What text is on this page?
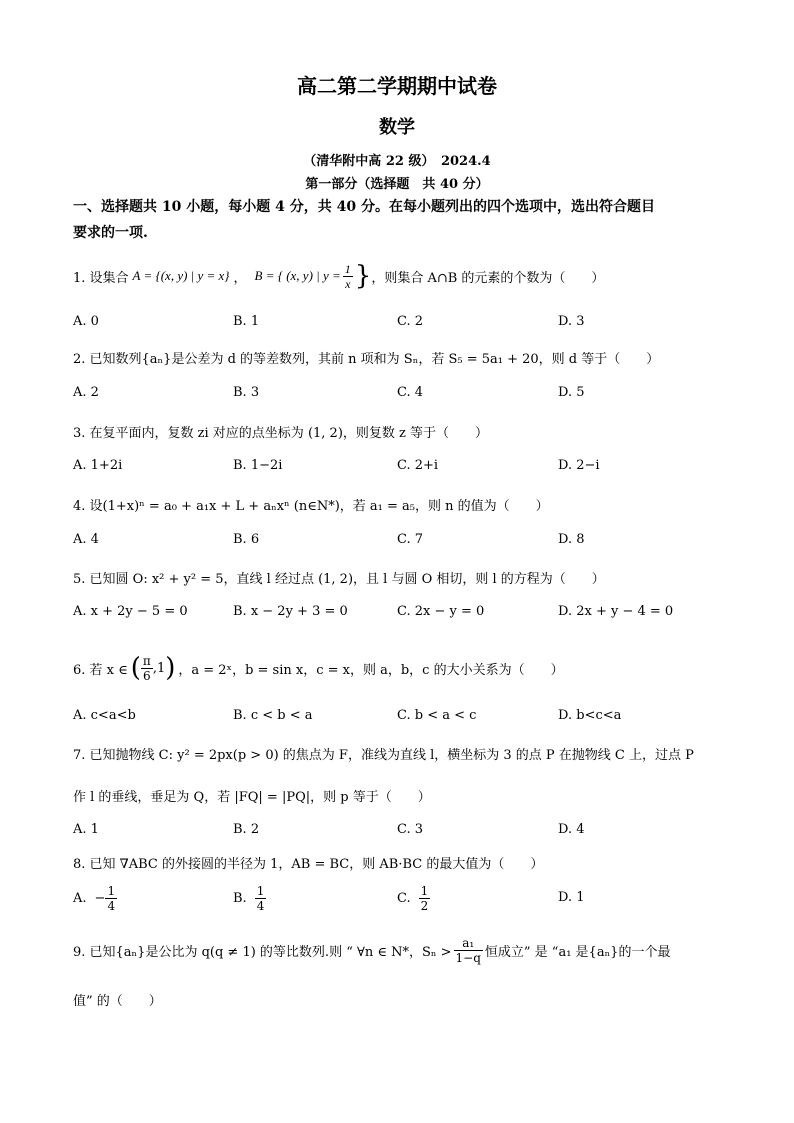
高二第二学期期中试卷
数学
（清华附中高 22 级）　2024.4
第一部分（选择题　共 40 分）
一、选择题共 10 小题，每小题 4 分，共 40 分。在每小题列出的四个选项中，选出符合题目
要求的一项.
1. 设集合 A = {(x, y) | y = x} ， B = { (x, y) | $y = \frac{1}{x}$ } ，则集合 A∩B 的元素的个数为（　　）
A. 0	B. 1	C. 2	D. 3
2. 已知数列{aₙ}是公差为 d 的等差数列，其前 n 项和为 Sₙ，若 S₅ = 5a₁ + 20，则 d 等于（　　）
A. 2	B. 3	C. 4	D. 5
3. 在复平面内，复数 zi 对应的点坐标为 (1, 2)，则复数 z 等于（　　）
A. 1+2i	B. 1−2i	C. 2+i	D. 2−i
4. 设(1+x)ⁿ = a₀ + a₁x + L + aₙxⁿ (n∈N*)，若 a₁ = a₅，则 n 的值为（　　）
A. 4	B. 6	C. 7	D. 8
5. 已知圆 O: x² + y² = 5，直线 l 经过点 (1, 2)，且 l 与圆 O 相切，则 l 的方程为（　　）
A. x + 2y − 5 = 0	B. x − 2y + 3 = 0	C. 2x − y = 0	D. 2x + y − 4 = 0
6. 若 x ∈ ( $\frac{\pi}{6} ,1$ ) ，a = 2ˣ，b = sin x，c = x，则 a，b，c 的大小关系为（　　）
A. c<a<b	B. c < b < a	C. b < a < c	D. b<c<a
7. 已知抛物线 C: y² = 2px(p > 0) 的焦点为 F，准线为直线 l，横坐标为 3 的点 P 在抛物线 C 上，过点 P
作 l 的垂线，垂足为 Q，若 |FQ| = |PQ|，则 p 等于（　　）
A. 1	B. 2	C. 3	D. 4
8. 已知 ∇ABC 的外接圆的半径为 1，AB = BC，则 AB·BC 的最大值为（　　）
A. − $\frac{1}{4}$	B. $\frac{1}{4}$	C. $\frac{1}{2}$	D. 1
9. 已知{aₙ}是公比为 q(q ≠ 1) 的等比数列.则 “ ∀n ∈ N*，$S_n > \frac{\text{a₁}}{1-q}$ 恒成立” 是 “a₁ 是{aₙ}的一个最
值” 的（　　）
